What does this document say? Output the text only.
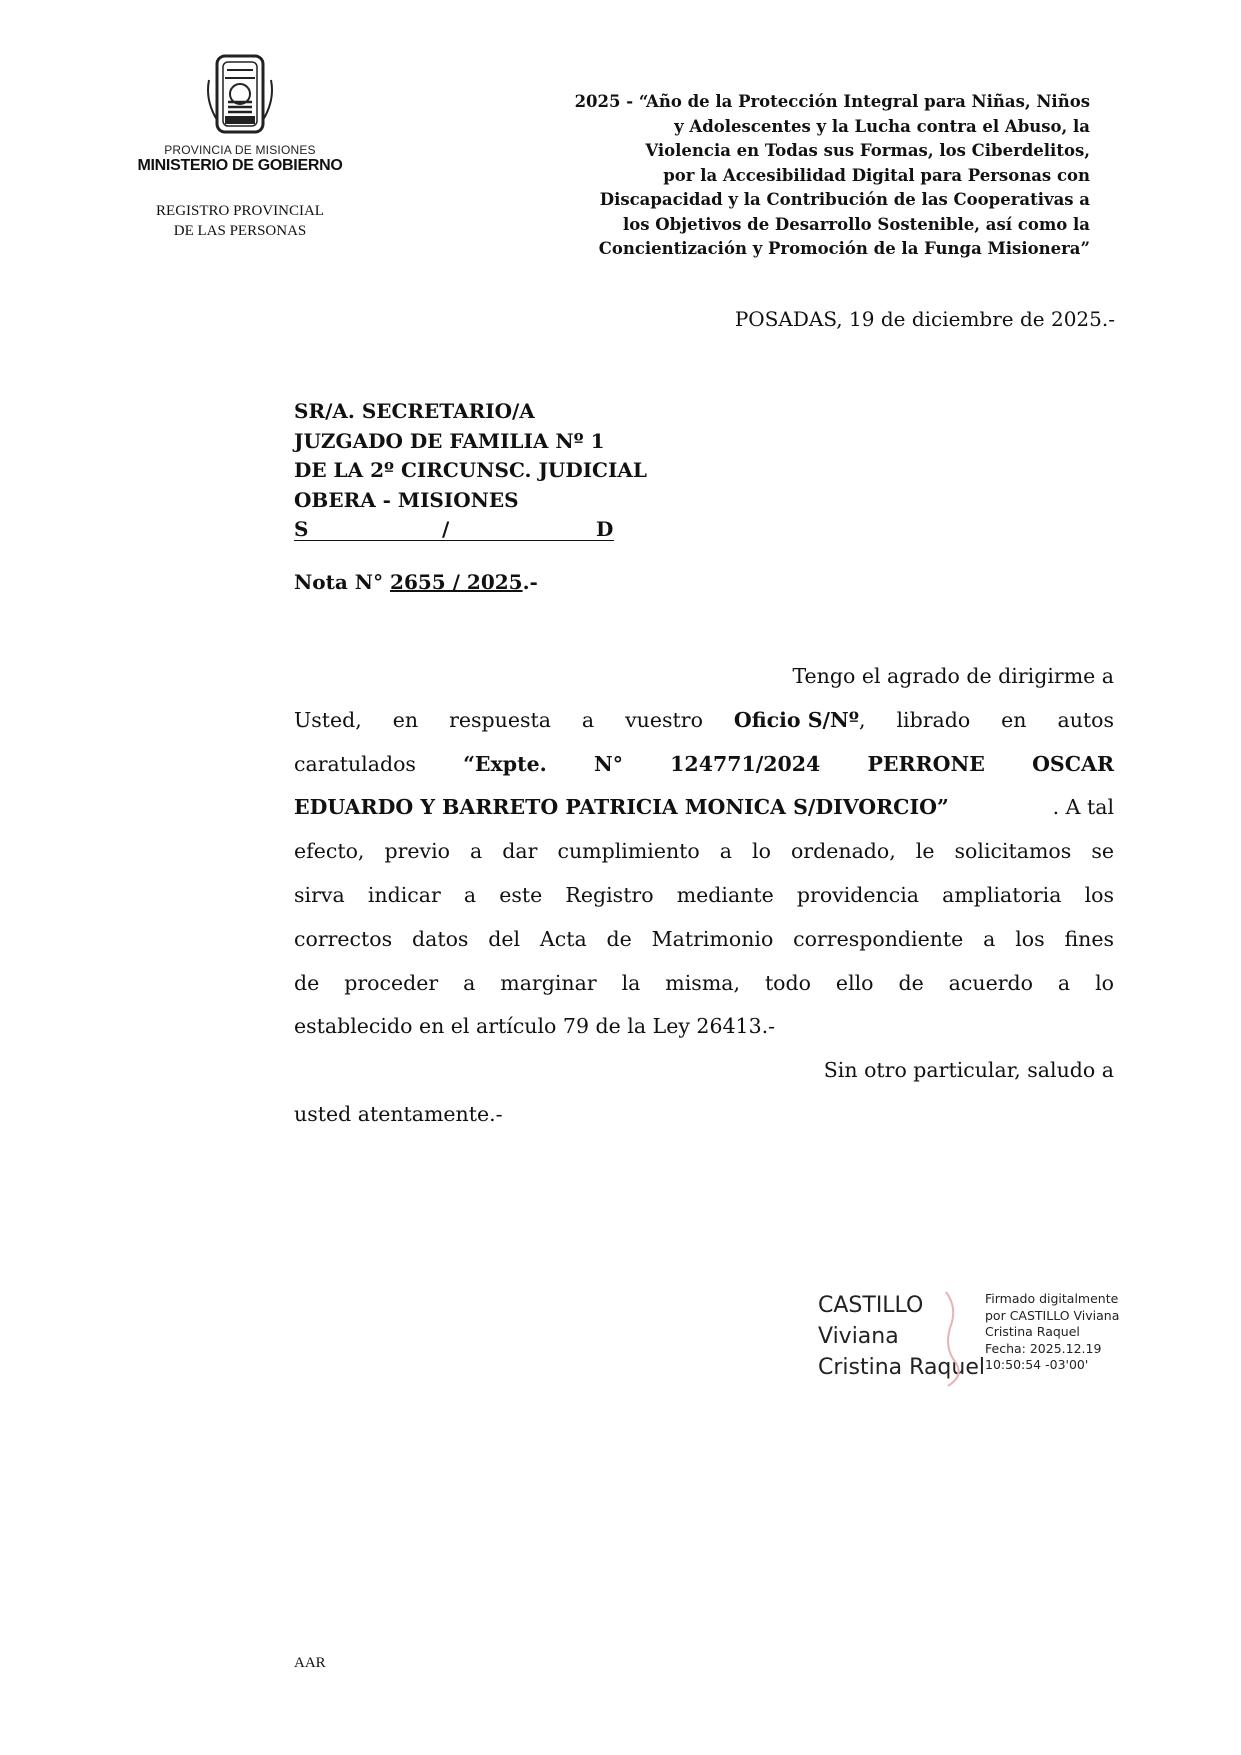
PROVINCIA DE MISIONES
MINISTERIO DE GOBIERNO
REGISTRO PROVINCIAL
DE LAS PERSONAS
2025 - “Año de la Protección Integral para Niñas, Niños
y Adolescentes y la Lucha contra el Abuso, la
Violencia en Todas sus Formas, los Ciberdelitos,
por la Accesibilidad Digital para Personas con
Discapacidad y la Contribución de las Cooperativas a
los Objetivos de Desarrollo Sostenible, así como la
Concientización y Promoción de la Funga Misionera”
POSADAS, 19 de diciembre de 2025.-
SR/A. SECRETARIO/A
JUZGADO DE FAMILIA Nº 1
DE LA 2º CIRCUNSC. JUDICIAL
OBERA - MISIONES
S	/	D
Nota N° 2655 / 2025.-
Tengo el agrado de dirigirme a
Usted, en respuesta a vuestro Oficio S/Nº, librado en autos
caratulados “Expte. N° 124771/2024 PERRONE OSCAR
EDUARDO Y BARRETO PATRICIA MONICA S/DIVORCIO”	. A tal
efecto, previo a dar cumplimiento a lo ordenado, le solicitamos se
sirva indicar a este Registro mediante providencia ampliatoria los
correctos datos del Acta de Matrimonio correspondiente a los fines
de proceder a marginar la misma, todo ello de acuerdo a lo
establecido en el artículo 79 de la Ley 26413.-
Sin otro particular, saludo a
usted atentamente.-
CASTILLO
Viviana
Cristina Raquel
Firmado digitalmente
por CASTILLO Viviana
Cristina Raquel
Fecha: 2025.12.19
10:50:54 -03'00'
AAR
